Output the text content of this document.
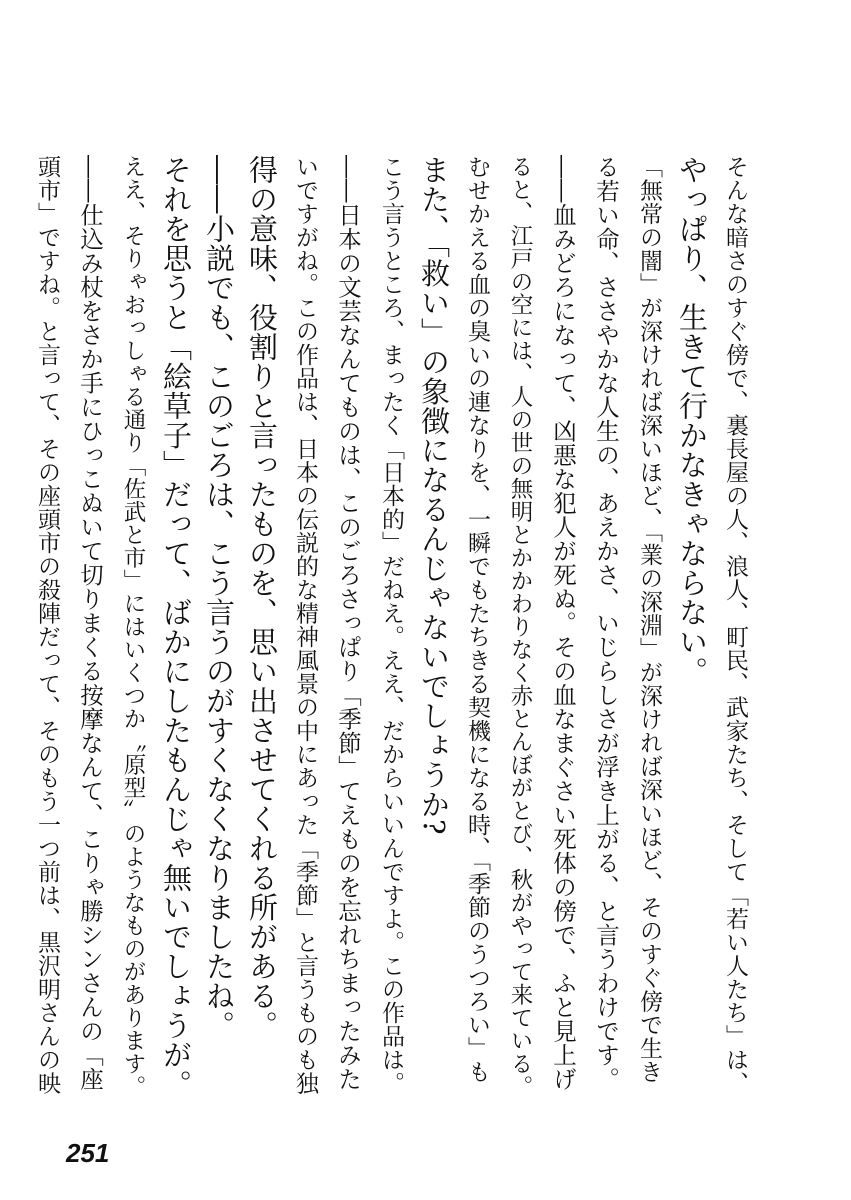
そんな暗さのすぐ傍で、裏長屋の人、浪人、町民、武家たち、そして「若い人たち」は、
やっぱり、生きて行かなきゃならない。
「無常の闇」が深ければ深いほど、「業の深淵」が深ければ深いほど、そのすぐ傍で生き
る若い命、ささやかな人生の、あえかさ、いじらしさが浮き上がる、と言うわけです。
――血みどろになって、凶悪な犯人が死ぬ。その血なまぐさい死体の傍で、ふと見上げ
ると、江戸の空には、人の世の無明とかかわりなく赤とんぼがとび、秋がやって来ている。
むせかえる血の臭いの連なりを、一瞬でもたちきる契機になる時、「季節のうつろい」も
また、「救い」の象徴になるんじゃないでしょうか?
こう言うところ、まったく「日本的」だねえ。ええ、だからいいんですよ。この作品は。
――日本の文芸なんてものは、このごろさっぱり「季節」てえものを忘れちまったみた
いですがね。この作品は、日本の伝説的な精神風景の中にあった「季節」と言うものも独
得の意味、役割りと言ったものを、思い出させてくれる所がある。
――小説でも、このごろは、こう言うのがすくなくなりましたね。
それを思うと「絵草子」だって、ばかにしたもんじゃ無いでしょうが。
ええ、そりゃおっしゃる通り「佐武と市」にはいくつか〝原型〟のようなものがあります。
――仕込み杖をさか手にひっこぬいて切りまくる按摩なんて、こりゃ勝シンさんの「座
頭市」ですね。と言って、その座頭市の殺陣だって、そのもう一つ前は、黒沢明さんの映
251
